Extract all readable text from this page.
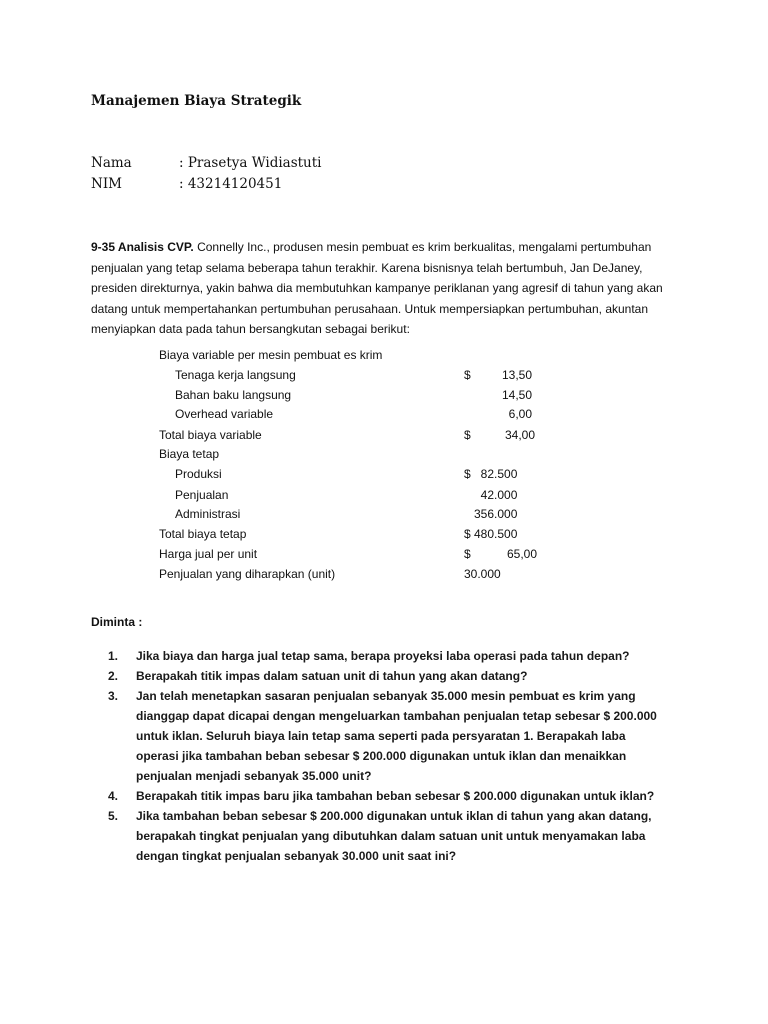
Manajemen Biaya Strategik
Nama	: Prasetya Widiastuti
NIM	: 43214120451
9-35 Analisis CVP. Connelly Inc., produsen mesin pembuat es krim berkualitas, mengalami pertumbuhan penjualan yang tetap selama beberapa tahun terakhir. Karena bisnisnya telah bertumbuh, Jan DeJaney, presiden direkturnya, yakin bahwa dia membutuhkan kampanye periklanan yang agresif di tahun yang akan datang untuk mempertahankan pertumbuhan perusahaan. Untuk mempersiapkan pertumbuhan, akuntan menyiapkan data pada tahun bersangkutan sebagai berikut:
Biaya variable per mesin pembuat es krim
Tenaga kerja langsung	$	13,50
Bahan baku langsung	14,50
Overhead variable	6,00
Total biaya variable	$	34,00
Biaya tetap
Produksi	$   82.500
Penjualan	42.000
Administrasi	356.000
Total biaya tetap	$ 480.500
Harga jual per unit	$	65,00
Penjualan yang diharapkan (unit)	30.000
Diminta :

1. Jika biaya dan harga jual tetap sama, berapa proyeksi laba operasi pada tahun depan?

2. Berapakah titik impas dalam satuan unit di tahun yang akan datang?

3. Jan telah menetapkan sasaran penjualan sebanyak 35.000 mesin pembuat es krim yang dianggap dapat dicapai dengan mengeluarkan tambahan penjualan tetap sebesar $ 200.000 untuk iklan. Seluruh biaya lain tetap sama seperti pada persyaratan 1. Berapakah laba operasi jika tambahan beban sebesar $ 200.000 digunakan untuk iklan dan menaikkan penjualan menjadi sebanyak 35.000 unit?

4. Berapakah titik impas baru jika tambahan beban sebesar $ 200.000 digunakan untuk iklan?

5. Jika tambahan beban sebesar $ 200.000 digunakan untuk iklan di tahun yang akan datang, berapakah tingkat penjualan yang dibutuhkan dalam satuan unit untuk menyamakan laba dengan tingkat penjualan sebanyak 30.000 unit saat ini?
